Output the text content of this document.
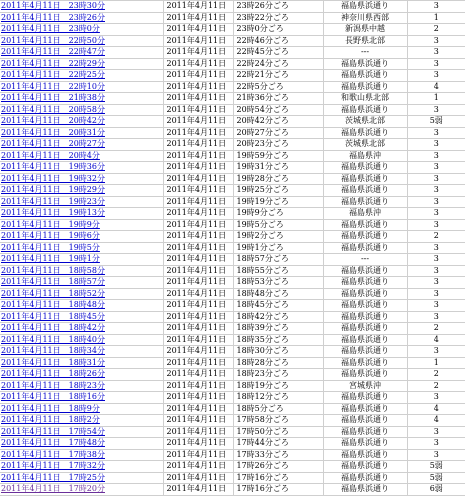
2011年4月11日　23時30分	2011年4月11日	23時26分ごろ	福島県浜通り	3
2011年4月11日　23時26分	2011年4月11日	23時22分ごろ	神奈川県西部	1
2011年4月11日　23時0分	2011年4月11日	23時0分ごろ	新潟県中越	2
2011年4月11日　22時50分	2011年4月11日	22時46分ごろ	長野県北部	3
2011年4月11日　22時47分	2011年4月11日	22時45分ごろ	---	3
2011年4月11日　22時29分	2011年4月11日	22時24分ごろ	福島県浜通り	3
2011年4月11日　22時25分	2011年4月11日	22時21分ごろ	福島県浜通り	3
2011年4月11日　22時10分	2011年4月11日	22時5分ごろ	福島県浜通り	4
2011年4月11日　21時38分	2011年4月11日	21時36分ごろ	和歌山県北部	1
2011年4月11日　20時58分	2011年4月11日	20時54分ごろ	福島県浜通り	3
2011年4月11日　20時42分	2011年4月11日	20時42分ごろ	茨城県北部	5弱
2011年4月11日　20時31分	2011年4月11日	20時27分ごろ	福島県浜通り	3
2011年4月11日　20時27分	2011年4月11日	20時23分ごろ	茨城県北部	3
2011年4月11日　20時4分	2011年4月11日	19時59分ごろ	福島県沖	3
2011年4月11日　19時36分	2011年4月11日	19時31分ごろ	福島県浜通り	3
2011年4月11日　19時32分	2011年4月11日	19時28分ごろ	福島県浜通り	3
2011年4月11日　19時29分	2011年4月11日	19時25分ごろ	福島県浜通り	3
2011年4月11日　19時23分	2011年4月11日	19時19分ごろ	福島県浜通り	3
2011年4月11日　19時13分	2011年4月11日	19時9分ごろ	福島県沖	3
2011年4月11日　19時9分	2011年4月11日	19時5分ごろ	福島県浜通り	3
2011年4月11日　19時6分	2011年4月11日	19時2分ごろ	福島県浜通り	2
2011年4月11日　19時5分	2011年4月11日	19時1分ごろ	福島県浜通り	3
2011年4月11日　19時1分	2011年4月11日	18時57分ごろ	---	3
2011年4月11日　18時58分	2011年4月11日	18時55分ごろ	福島県浜通り	3
2011年4月11日　18時57分	2011年4月11日	18時53分ごろ	福島県浜通り	3
2011年4月11日　18時52分	2011年4月11日	18時48分ごろ	福島県浜通り	3
2011年4月11日　18時48分	2011年4月11日	18時45分ごろ	福島県浜通り	3
2011年4月11日　18時45分	2011年4月11日	18時42分ごろ	福島県浜通り	3
2011年4月11日　18時42分	2011年4月11日	18時39分ごろ	福島県浜通り	2
2011年4月11日　18時40分	2011年4月11日	18時35分ごろ	福島県浜通り	4
2011年4月11日　18時34分	2011年4月11日	18時30分ごろ	福島県浜通り	3
2011年4月11日　18時31分	2011年4月11日	18時28分ごろ	福島県浜通り	1
2011年4月11日　18時26分	2011年4月11日	18時23分ごろ	福島県浜通り	2
2011年4月11日　18時23分	2011年4月11日	18時19分ごろ	宮城県沖	2
2011年4月11日　18時16分	2011年4月11日	18時12分ごろ	福島県浜通り	3
2011年4月11日　18時9分	2011年4月11日	18時5分ごろ	福島県浜通り	4
2011年4月11日　18時2分	2011年4月11日	17時58分ごろ	福島県浜通り	4
2011年4月11日　17時54分	2011年4月11日	17時50分ごろ	福島県浜通り	3
2011年4月11日　17時48分	2011年4月11日	17時44分ごろ	福島県浜通り	3
2011年4月11日　17時38分	2011年4月11日	17時33分ごろ	福島県浜通り	3
2011年4月11日　17時32分	2011年4月11日	17時26分ごろ	福島県浜通り	5弱
2011年4月11日　17時25分	2011年4月11日	17時16分ごろ	福島県浜通り	5弱
2011年4月11日　17時20分	2011年4月11日	17時16分ごろ	福島県浜通り	6弱
